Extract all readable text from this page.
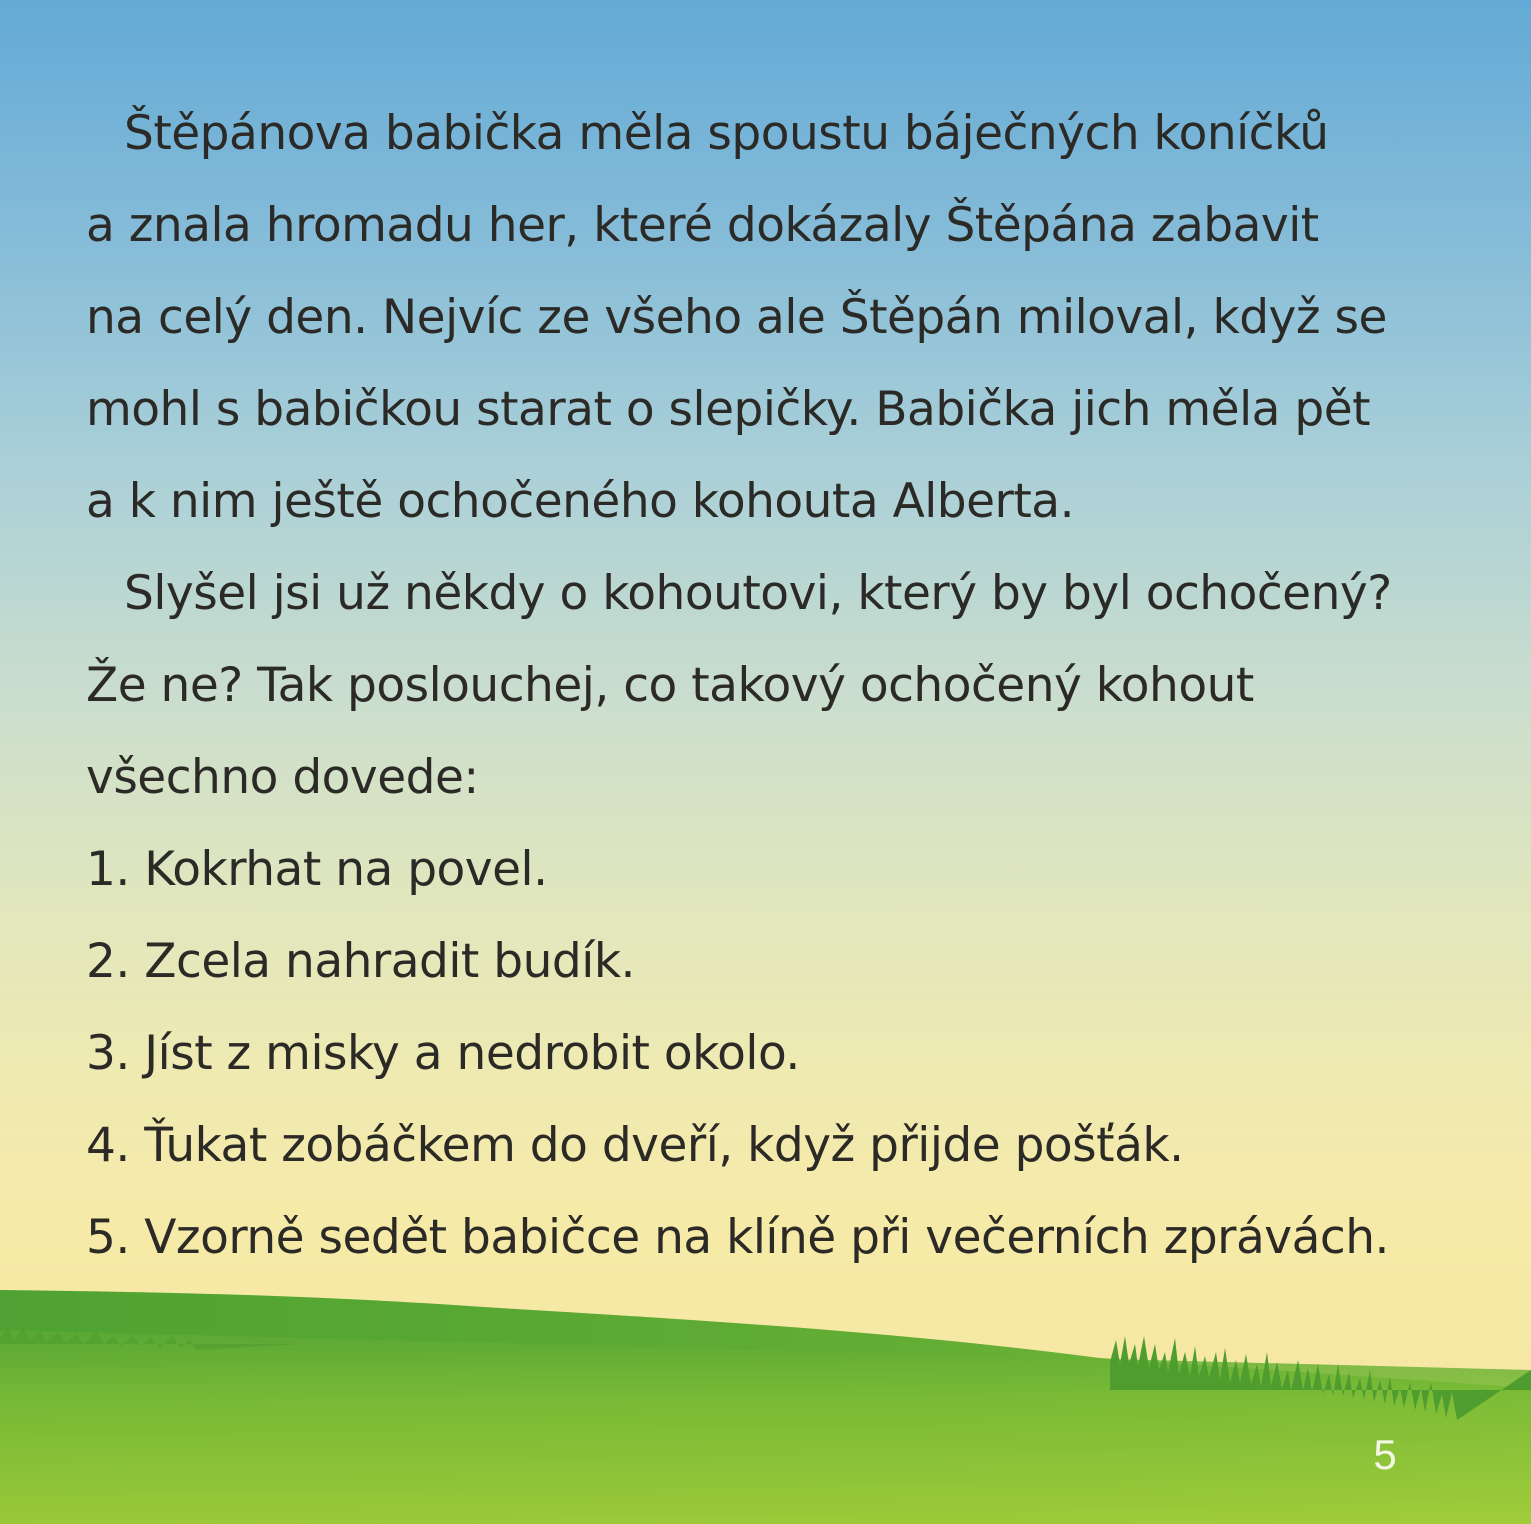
Štěpánova babička měla spoustu báječných koníčků
a znala hromadu her, které dokázaly Štěpána zabavit
na celý den. Nejvíc ze všeho ale Štěpán miloval, když se
mohl s babičkou starat o slepičky. Babička jich měla pět
a k nim ještě ochočeného kohouta Alberta.
Slyšel jsi už někdy o kohoutovi, který by byl ochočený?
Že ne? Tak poslouchej, co takový ochočený kohout
všechno dovede:
1. Kokrhat na povel.
2. Zcela nahradit budík.
3. Jíst z misky a nedrobit okolo.
4. Ťukat zobáčkem do dveří, když přijde pošťák.
5. Vzorně sedět babičce na klíně při večerních zprávách.
5
